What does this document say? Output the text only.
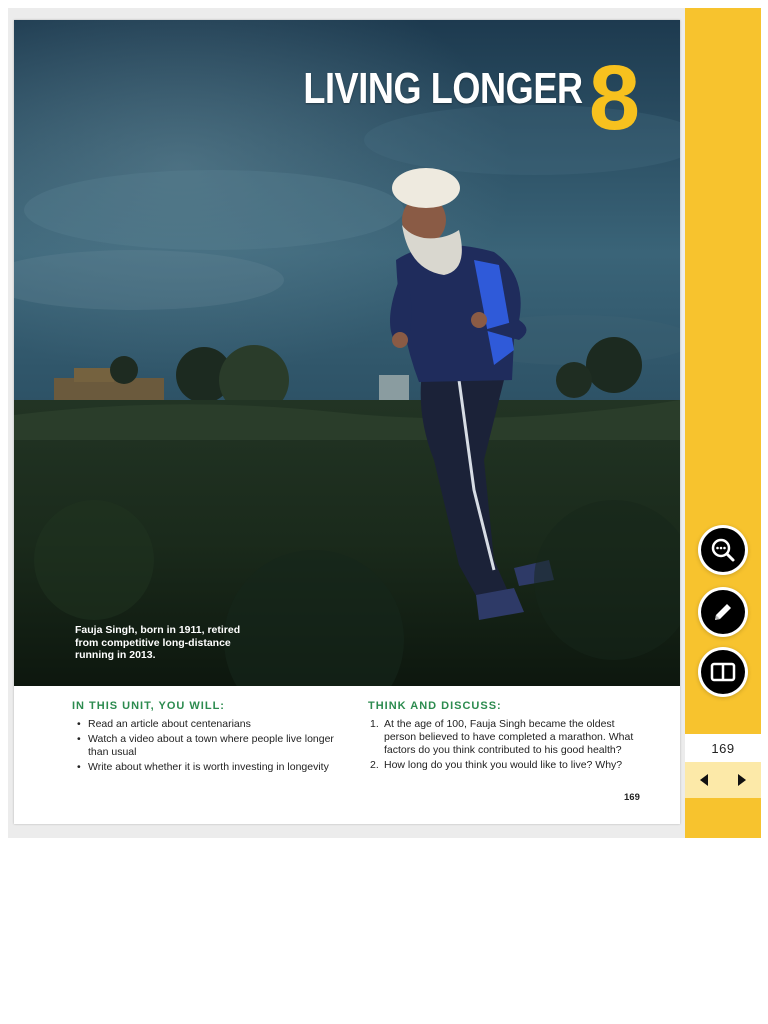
LIVING LONGER 8
Fauja Singh, born in 1911, retired from competitive long-distance running in 2013.
IN THIS UNIT, YOU WILL:
• Read an article about centenarians
• Watch a video about a town where people live longer than usual
• Write about whether it is worth investing in longevity
THINK AND DISCUSS:
1. At the age of 100, Fauja Singh became the oldest person believed to have completed a marathon. What factors do you think contributed to his good health?
2. How long do you think you would like to live? Why?
169
169
